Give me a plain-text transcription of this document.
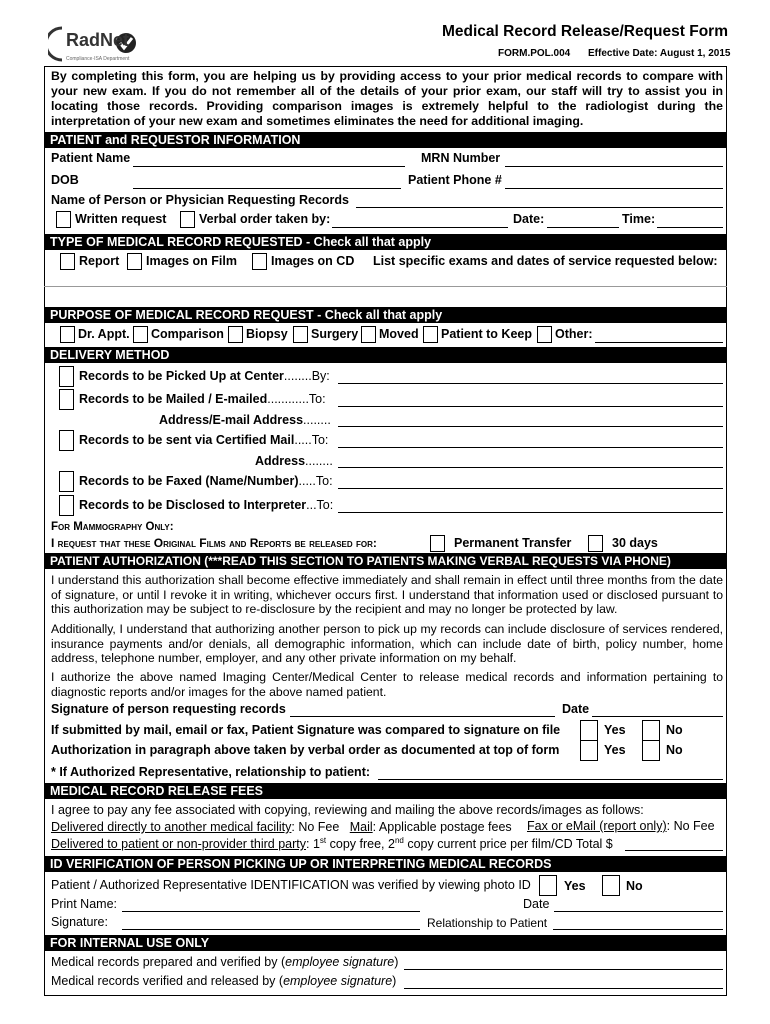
RadNet
Compliance·ISA Department
Medical Record Release/Request Form
FORM.POL.004 Effective Date: August 1, 2015
By completing this form, you are helping us by providing access to your prior medical records to compare with your new exam. If you do not remember all of the details of your prior exam, our staff will try to assist you in locating those records. Providing comparison images is extremely helpful to the radiologist during the interpretation of your new exam and sometimes eliminates the need for additional imaging.
PATIENT and REQUESTOR INFORMATION
Patient Name	MRN Number
DOB	Patient Phone #
Name of Person or Physician Requesting Records
Written request	Verbal order taken by:	Date:	Time:
TYPE OF MEDICAL RECORD REQUESTED - Check all that apply
Report Images on Film	Images on CD List specific exams and dates of service requested below:
PURPOSE OF MEDICAL RECORD REQUEST - Check all that apply
Dr. Appt. Comparison Biopsy Surgery Moved Patient to Keep Other:
DELIVERY METHOD
Records to be Picked Up at Center........By:
Records to be Mailed / E-mailed............To:
Address/E-mail Address........
Records to be sent via Certified Mail.....To:
Address........
Records to be Faxed (Name/Number).....To:
Records to be Disclosed to Interpreter...To:
For Mammography Only:
I request that these Original Films and Reports be released for:	Permanent Transfer	30 days
PATIENT AUTHORIZATION (***READ THIS SECTION TO PATIENTS MAKING VERBAL REQUESTS VIA PHONE)
I understand this authorization shall become effective immediately and shall remain in effect until three months from the date of signature, or until I revoke it in writing, whichever occurs first. I understand that information used or disclosed pursuant to this authorization may be subject to re-disclosure by the recipient and may no longer be protected by law.
Additionally, I understand that authorizing another person to pick up my records can include disclosure of services rendered, insurance payments and/or denials, all demographic information, which can include date of birth, policy number, home address, telephone number, employer, and any other private information on my behalf.
I authorize the above named Imaging Center/Medical Center to release medical records and information pertaining to diagnostic reports and/or images for the above named patient.
Signature of person requesting records	Date
If submitted by mail, email or fax, Patient Signature was compared to signature on file	Yes	No
Authorization in paragraph above taken by verbal order as documented at top of form	Yes	No
* If Authorized Representative, relationship to patient:
MEDICAL RECORD RELEASE FEES
I agree to pay any fee associated with copying, reviewing and mailing the above records/images as follows:
Delivered directly to another medical facility: No Fee Mail: Applicable postage fees Fax or eMail (report only): No Fee
Delivered to patient or non-provider third party: 1st copy free, 2nd copy current price per film/CD Total $
ID VERIFICATION OF PERSON PICKING UP OR INTERPRETING MEDICAL RECORDS
Patient / Authorized Representative IDENTIFICATION was verified by viewing photo ID	Yes	No
Print Name:	Date
Signature:	Relationship to Patient
FOR INTERNAL USE ONLY
Medical records prepared and verified by (employee signature)
Medical records verified and released by (employee signature)
